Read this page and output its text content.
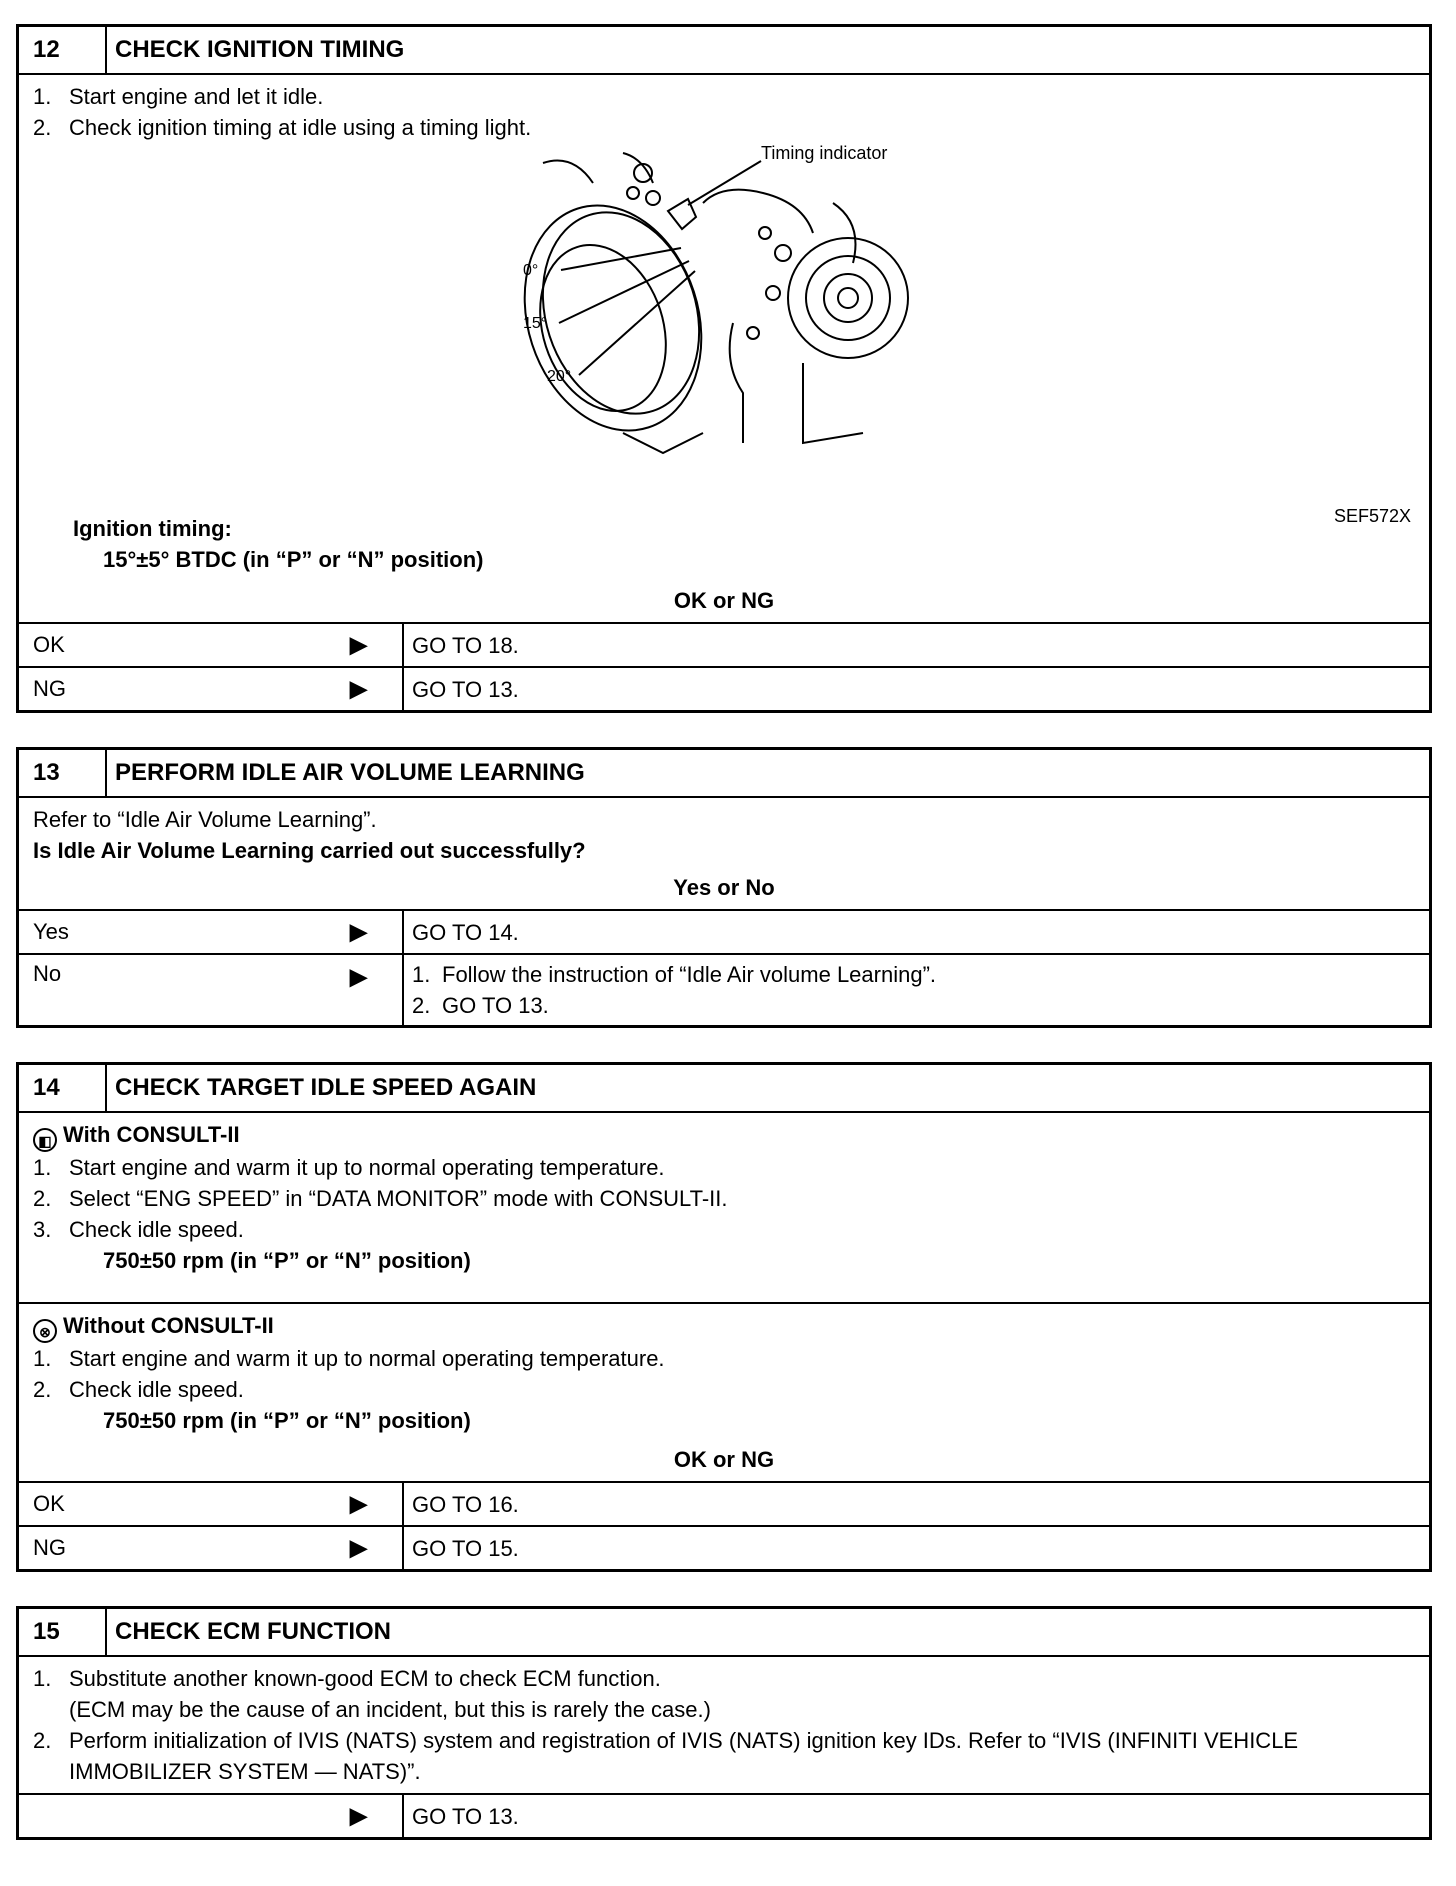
12	CHECK IGNITION TIMING
1. Start engine and let it idle.
2. Check ignition timing at idle using a timing light.
Timing indicator
0°
15°
20°
SEF572X
Ignition timing:
15°±5° BTDC (in “P” or “N” position)
OK or NG
OK	▶	GO TO 18.
NG	▶	GO TO 13.
13	PERFORM IDLE AIR VOLUME LEARNING
Refer to “Idle Air Volume Learning”.
Is Idle Air Volume Learning carried out successfully?
Yes or No
Yes	▶	GO TO 14.
No	▶ 1. Follow the instruction of “Idle Air volume Learning”.
2. GO TO 13.
14	CHECK TARGET IDLE SPEED AGAIN
◧ With CONSULT-II
1. Start engine and warm it up to normal operating temperature.
2. Select “ENG SPEED” in “DATA MONITOR” mode with CONSULT-II.
3. Check idle speed.
750±50 rpm (in “P” or “N” position)
⊗ Without CONSULT-II
1. Start engine and warm it up to normal operating temperature.
2. Check idle speed.
750±50 rpm (in “P” or “N” position)
OK or NG
OK	▶	GO TO 16.
NG	▶	GO TO 15.
15	CHECK ECM FUNCTION
1. Substitute another known-good ECM to check ECM function.
(ECM may be the cause of an incident, but this is rarely the case.)
2. Perform initialization of IVIS (NATS) system and registration of IVIS (NATS) ignition key IDs. Refer to “IVIS (INFINITI VEHICLE IMMOBILIZER SYSTEM — NATS)”.
▶	GO TO 13.
